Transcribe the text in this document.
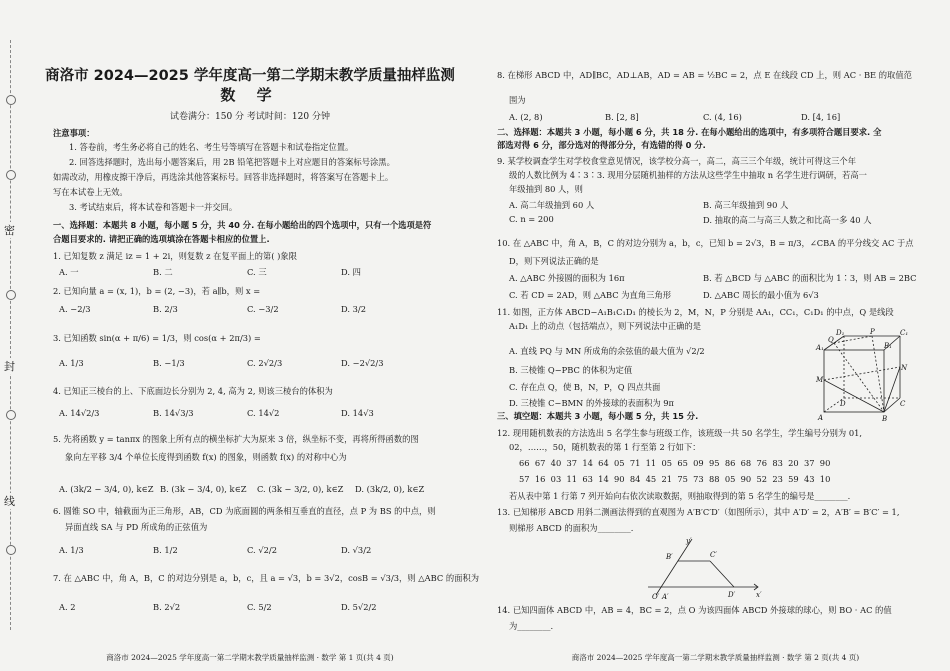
密
封
线
商洛市 2024—2025 学年度高一第二学期末教学质量抽样监测
数 学
试卷满分：150 分 考试时间：120 分钟
注意事项：
1. 答卷前，考生务必将自己的姓名、考生号等填写在答题卡和试卷指定位置。
2. 回答选择题时，选出每小题答案后，用 2B 铅笔把答题卡上对应题目的答案标号涂黑。
如需改动，用橡皮擦干净后，再选涂其他答案标号。回答非选择题时，将答案写在答题卡上。
写在本试卷上无效。
3. 考试结束后，将本试卷和答题卡一并交回。
一、选择题：本题共 8 小题，每小题 5 分，共 40 分. 在每小题给出的四个选项中，只有一个选项是符
合题目要求的. 请把正确的选项填涂在答题卡相应的位置上.
1. 已知复数 z 满足 iz = 1 + 2i，则复数 z 在复平面上的第( )象限
A. 一	B. 二	C. 三	D. 四
2. 已知向量 a = (x, 1)，b = (2, −3)，若 a∥b，则 x =
A. −2/3	B. 2/3	C. −3/2	D. 3/2
3. 已知函数 sin(α + π/6) = 1/3，则 cos(α + 2π/3) =
A. 1/3	B. −1/3	C. 2√2/3	D. −2√2/3
4. 已知正三棱台的上、下底面边长分别为 2, 4, 高为 2, 则该三棱台的体积为
A. 14√2/3	B. 14√3/3	C. 14√2	D. 14√3
5. 先将函数 y = tanπx 的图象上所有点的横坐标扩大为原来 3 倍，纵坐标不变，再将所得函数的图
象向左平移 3/4 个单位长度得到函数 f(x) 的图象，则函数 f(x) 的对称中心为
A. (3k/2 − 3/4, 0), k∈Z B. (3k − 3/4, 0), k∈Z C. (3k − 3/2, 0), k∈Z D. (3k/2, 0), k∈Z
6. 圆锥 SO 中，轴截面为正三角形，AB，CD 为底面圆的两条相互垂直的直径，点 P 为 BS 的中点，则
异面直线 SA 与 PD 所成角的正弦值为
A. 1/3	B. 1/2	C. √2/2	D. √3/2
7. 在 △ABC 中，角 A，B，C 的对边分别是 a，b，c，且 a = √3，b = 3√2，cosB = √3/3，则 △ABC 的面积为
A. 2	B. 2√2	C. 5/2	D. 5√2/2
商洛市 2024—2025 学年度高一第二学期末教学质量抽样监测 · 数学 第 1 页(共 4 页)
8. 在梯形 ABCD 中，AD∥BC，AD⊥AB，AD = AB = ½BC = 2，点 E 在线段 CD 上，则 AC · BE 的取值范
围为
A. (2, 8)	B. [2, 8]	C. (4, 16)	D. [4, 16]
二、选择题：本题共 3 小题，每小题 6 分，共 18 分. 在每小题给出的选项中，有多项符合题目要求. 全
部选对得 6 分，部分选对的得部分分，有选错的得 0 分.
9. 某学校调查学生对学校食堂意见情况，该学校分高一，高二，高三三个年级，统计可得这三个年
级的人数比例为 4∶3∶3. 现用分层随机抽样的方法从这些学生中抽取 n 名学生进行调研，若高一
年级抽到 80 人，则
A. 高二年级抽到 60 人	B. 高三年级抽到 90 人
C. n = 200	D. 抽取的高二与高三人数之和比高一多 40 人
10. 在 △ABC 中，角 A，B，C 的对边分别为 a，b，c，已知 b = 2√3，B = π/3，∠CBA 的平分线交 AC 于点
D，则下列说法正确的是
A. △ABC 外接圆的面积为 16π	B. 若 △BCD 与 △ABC 的面积比为 1∶3，则 AB = 2BC
C. 若 CD = 2AD，则 △ABC 为直角三角形	D. △ABC 周长的最小值为 6√3
11. 如图，正方体 ABCD−A₁B₁C₁D₁ 的棱长为 2，M，N，P 分别是 AA₁，CC₁，C₁D₁ 的中点，Q 是线段
A₁D₁ 上的动点（包括端点），则下列说法中正确的是
A. 直线 PQ 与 MN 所成角的余弦值的最大值为 √2/2
B. 三棱锥 Q−PBC 的体积为定值
C. 存在点 Q，使 B，N，P，Q 四点共面
D. 三棱锥 C−BMN 的外接球的表面积为 9π
D₁	P	C₁
A₁	B₁
Q
M
N
D	C
A	B
三、填空题：本题共 3 小题，每小题 5 分，共 15 分.
12. 现用随机数表的方法选出 5 名学生参与班级工作，该班级一共 50 名学生，学生编号分别为 01,
02，……，50，随机数表的第 1 行至第 2 行如下：
66  67  40  37  14  64  05  71  11  05  65  09  95  86  68  76  83  20  37  90
57  16  03  11  63  14  90  84  45  21  75  73  88  05  90  52  23  59  43  10
若从表中第 1 行第 7 列开始向右依次读取数据，则抽取得到的第 5 名学生的编号是________.
13. 已知梯形 ABCD 用斜二测画法得到的直观图为 A′B′C′D′（如图所示），其中 A′D′ = 2，A′B′ = B′C′ = 1,
则梯形 ABCD 的面积为________.
y′
B′	C′
O′ A′	D′	x′
14. 已知四面体 ABCD 中，AB = 4，BC = 2，点 O 为该四面体 ABCD 外接球的球心，则 BO · AC 的值
为________.
商洛市 2024—2025 学年度高一第二学期末教学质量抽样监测 · 数学 第 2 页(共 4 页)
